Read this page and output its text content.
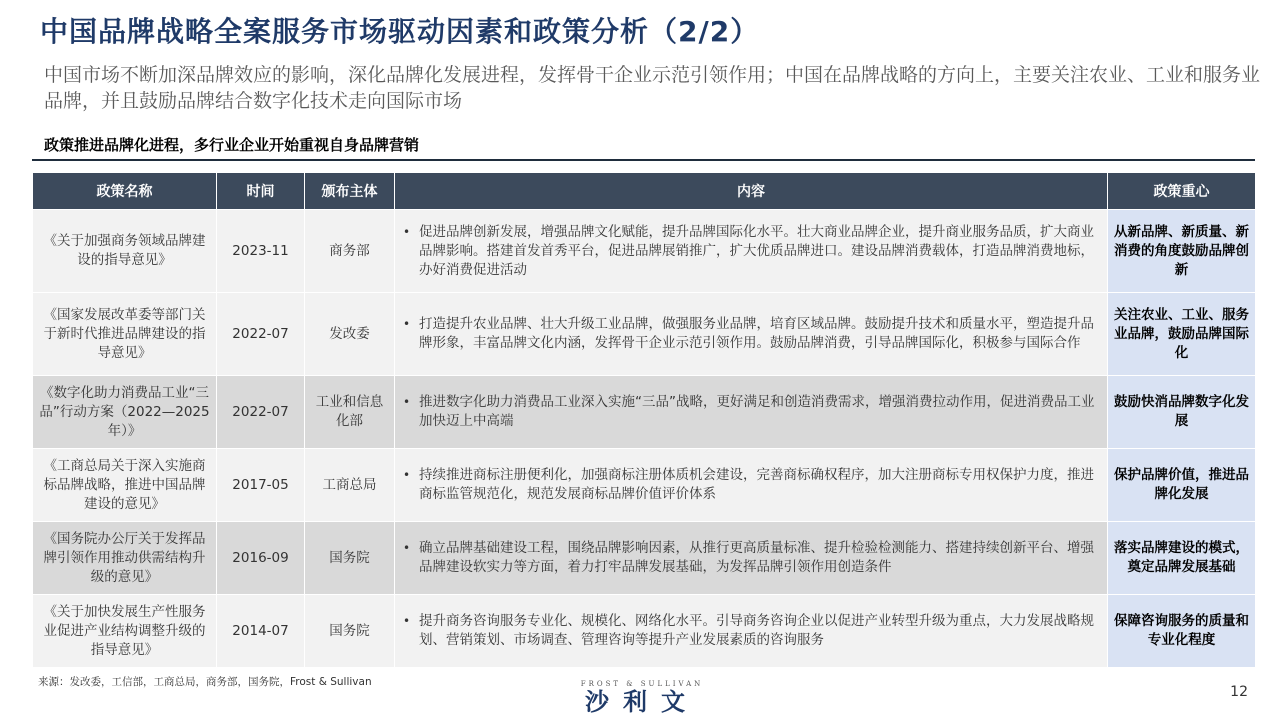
中国品牌战略全案服务市场驱动因素和政策分析（2/2）
中国市场不断加深品牌效应的影响，深化品牌化发展进程，发挥骨干企业示范引领作用；中国在品牌战略的方向上，主要关注农业、工业和服务业品牌，并且鼓励品牌结合数字化技术走向国际市场
政策推进品牌化进程，多行业企业开始重视自身品牌营销
政策名称	时间	颁布主体	内容	政策重心
《关于加强商务领域品牌建设的指导意见》	2023-11	商务部	• 促进品牌创新发展，增强品牌文化赋能，提升品牌国际化水平。壮大商业品牌企业，提升商业服务品质，扩大商业品牌影响。搭建首发首秀平台，促进品牌展销推广，扩大优质品牌进口。建设品牌消费载体，打造品牌消费地标，办好消费促进活动	从新品牌、新质量、新消费的角度鼓励品牌创新
《国家发展改革委等部门关于新时代推进品牌建设的指导意见》	2022-07	发改委	• 打造提升农业品牌、壮大升级工业品牌，做强服务业品牌，培育区域品牌。鼓励提升技术和质量水平，塑造提升品牌形象，丰富品牌文化内涵，发挥骨干企业示范引领作用。鼓励品牌消费，引导品牌国际化，积极参与国际合作	关注农业、工业、服务业品牌，鼓励品牌国际化
《数字化助力消费品工业“三品”行动方案（2022—2025年）》	2022-07	工业和信息化部	• 推进数字化助力消费品工业深入实施“三品”战略，更好满足和创造消费需求，增强消费拉动作用，促进消费品工业加快迈上中高端	鼓励快消品牌数字化发展
《工商总局关于深入实施商标品牌战略，推进中国品牌建设的意见》	2017-05	工商总局	• 持续推进商标注册便利化，加强商标注册体质机会建设，完善商标确权程序，加大注册商标专用权保护力度，推进商标监管规范化，规范发展商标品牌价值评价体系	保护品牌价值，推进品牌化发展
《国务院办公厅关于发挥品牌引领作用推动供需结构升级的意见》	2016-09	国务院	• 确立品牌基础建设工程，围绕品牌影响因素，从推行更高质量标准、提升检验检测能力、搭建持续创新平台、增强品牌建设软实力等方面，着力打牢品牌发展基础，为发挥品牌引领作用创造条件	落实品牌建设的模式，奠定品牌发展基础
《关于加快发展生产性服务业促进产业结构调整升级的指导意见》	2014-07	国务院	• 提升商务咨询服务专业化、规模化、网络化水平。引导商务咨询企业以促进产业转型升级为重点，大力发展战略规划、营销策划、市场调查、管理咨询等提升产业发展素质的咨询服务	保障咨询服务的质量和专业化程度
来源：发改委，工信部，工商总局，商务部，国务院，Frost & Sullivan	FROST & SULLIVAN
沙利文	12
